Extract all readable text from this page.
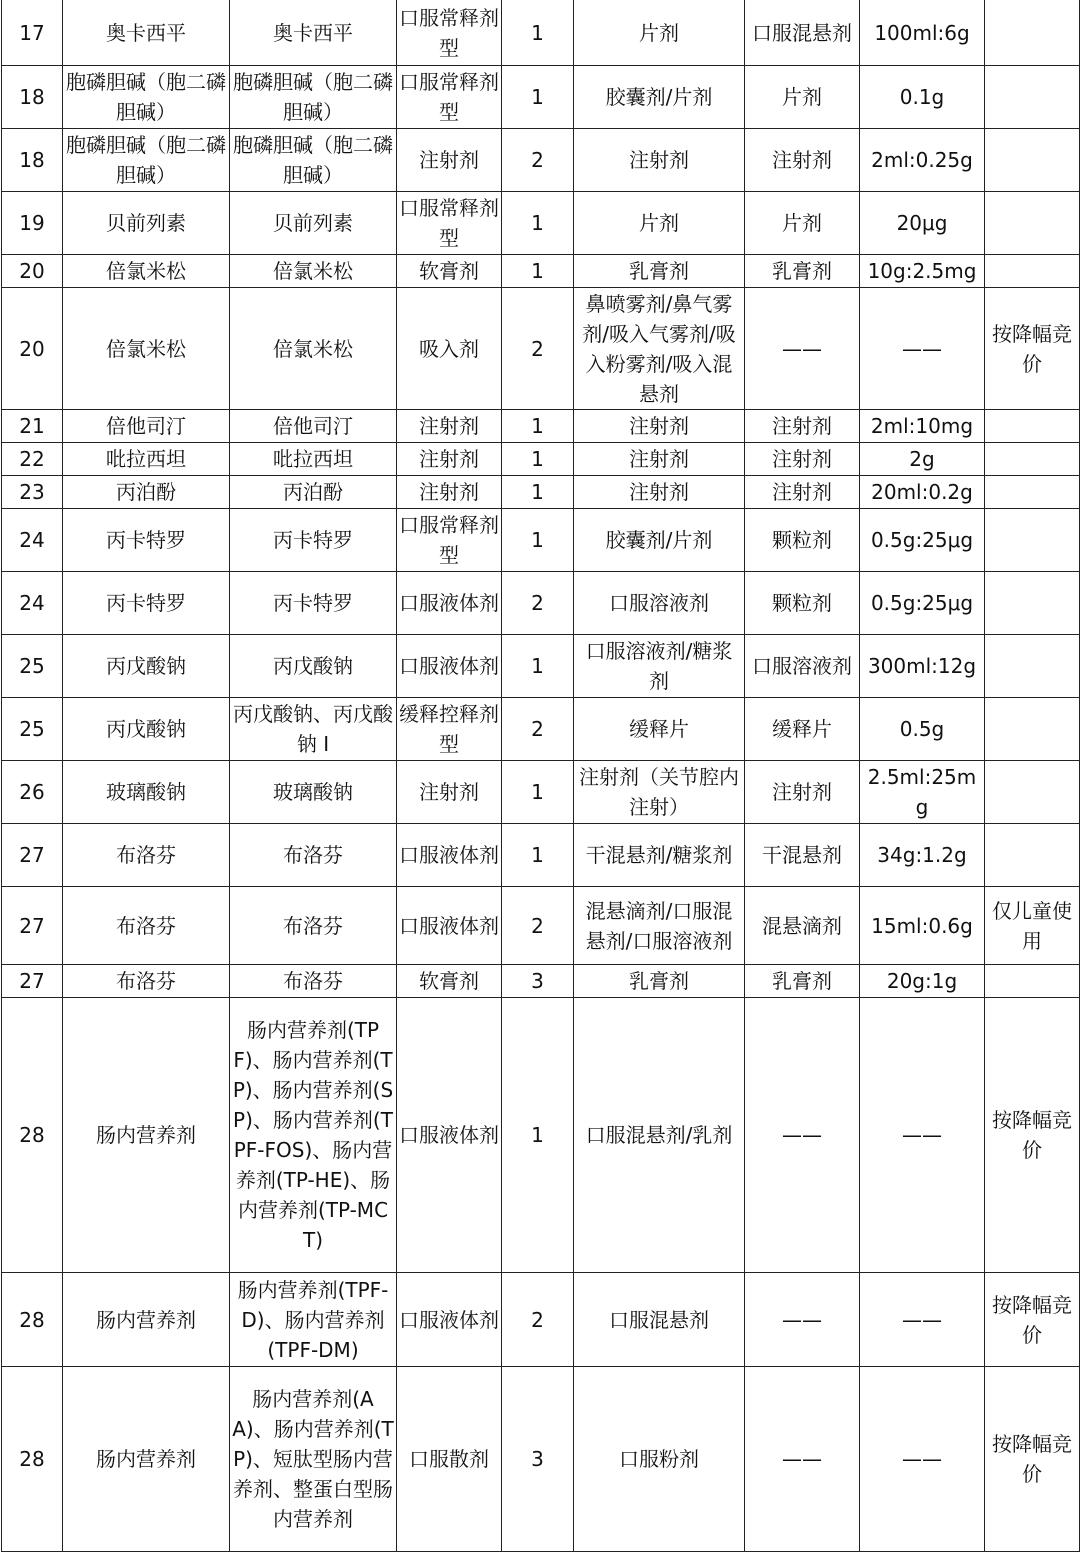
17	奥卡西平	奥卡西平	口服常释剂型	1	片剂	口服混悬剂	100ml:6g	
18	胞磷胆碱（胞二磷胆碱）	胞磷胆碱（胞二磷胆碱）	口服常释剂型	1	胶囊剂/片剂	片剂	0.1g	
18	胞磷胆碱（胞二磷胆碱）	胞磷胆碱（胞二磷胆碱）	注射剂	2	注射剂	注射剂	2ml:0.25g	
19	贝前列素	贝前列素	口服常释剂型	1	片剂	片剂	20μg	
20	倍氯米松	倍氯米松	软膏剂	1	乳膏剂	乳膏剂	10g:2.5mg	
20	倍氯米松	倍氯米松	吸入剂	2	鼻喷雾剂/鼻气雾剂/吸入气雾剂/吸入粉雾剂/吸入混悬剂	——	——	按降幅竞价
21	倍他司汀	倍他司汀	注射剂	1	注射剂	注射剂	2ml:10mg	
22	吡拉西坦	吡拉西坦	注射剂	1	注射剂	注射剂	2g	
23	丙泊酚	丙泊酚	注射剂	1	注射剂	注射剂	20ml:0.2g	
24	丙卡特罗	丙卡特罗	口服常释剂型	1	胶囊剂/片剂	颗粒剂	0.5g:25μg	
24	丙卡特罗	丙卡特罗	口服液体剂	2	口服溶液剂	颗粒剂	0.5g:25μg	
25	丙戊酸钠	丙戊酸钠	口服液体剂	1	口服溶液剂/糖浆剂	口服溶液剂	300ml:12g	
25	丙戊酸钠	丙戊酸钠、丙戊酸钠 I	缓释控释剂型	2	缓释片	缓释片	0.5g	
26	玻璃酸钠	玻璃酸钠	注射剂	1	注射剂（关节腔内注射）	注射剂	2.5ml:25mg	
27	布洛芬	布洛芬	口服液体剂	1	干混悬剂/糖浆剂	干混悬剂	34g:1.2g	
27	布洛芬	布洛芬	口服液体剂	2	混悬滴剂/口服混悬剂/口服溶液剂	混悬滴剂	15ml:0.6g	仅儿童使用
27	布洛芬	布洛芬	软膏剂	3	乳膏剂	乳膏剂	20g:1g	
28	肠内营养剂	肠内营养剂(TPF)、肠内营养剂(TP)、肠内营养剂(SP)、肠内营养剂(TPF-FOS)、肠内营养剂(TP-HE)、肠内营养剂(TP-MCT)	口服液体剂	1	口服混悬剂/乳剂	——	——	按降幅竞价
28	肠内营养剂	肠内营养剂(TPF-D)、肠内营养剂(TPF-DM)	口服液体剂	2	口服混悬剂	——	——	按降幅竞价
28	肠内营养剂	肠内营养剂(AA)、肠内营养剂(TP)、短肽型肠内营养剂、整蛋白型肠内营养剂	口服散剂	3	口服粉剂	——	——	按降幅竞价
